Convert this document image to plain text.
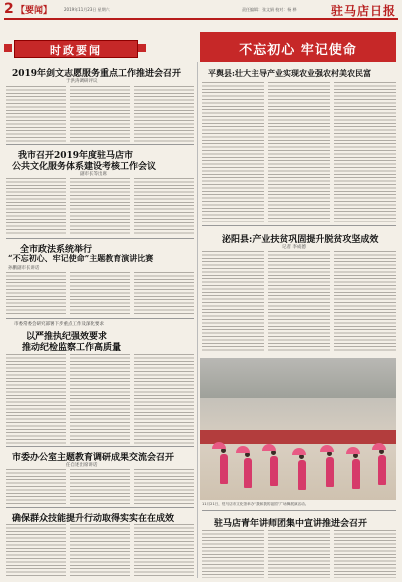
2 【要闻】	2019年11月23日 星期六	责任编辑：张文娟 校对：杨 桦	驻马店日报
时政要闻	不忘初心 牢记使命
2019年剑文志愿服务重点工作推进会召开
于洪涛调研评议
我市召开2019年度驻马店市
公共文化服务体系建设考核工作会议
副市长等出席
全市政法系统举行
“不忘初心、牢记使命”主题教育演讲比赛
孙鹏副市长讲话
市委常委会研究部署下步重点工作及深化要求
以严推执纪强效要求
推动纪检监察工作高质量
市委办公室主题教育调研成果交流会召开
任自述出席讲话
确保群众技能提升行动取得实实在在成效
平舆县:壮大主导产业实现农业强农村美农民富
泌阳县:产业扶贫巩固提升脱贫攻坚成效
记者 李成德
11月21日，驻马店市文化馆举办“我和我的祖国”广场舞展演活动。
驻马店青年讲师团集中宣讲推进会召开
